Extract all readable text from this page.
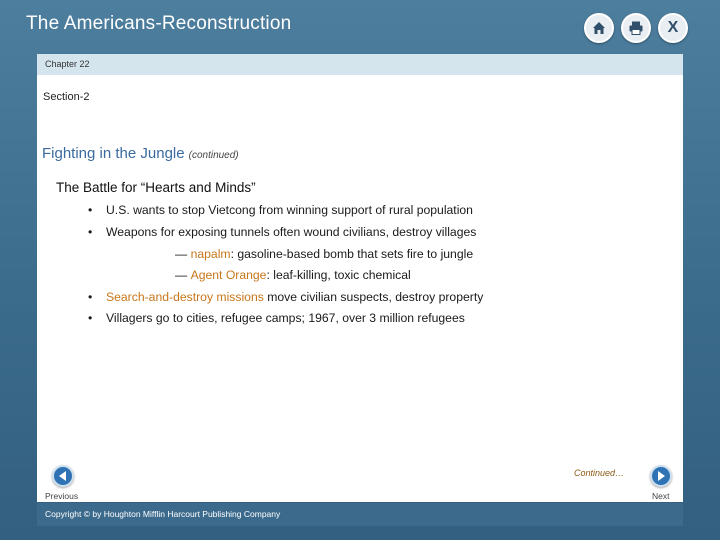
The Americans-Reconstruction	X
Chapter 22
Section-2
Fighting in the Jungle (continued)
The Battle for “Hearts and Minds”
• U.S. wants to stop Vietcong from winning support of rural population
• Weapons for exposing tunnels often wound civilians, destroy villages
— napalm: gasoline-based bomb that sets fire to jungle
— Agent Orange: leaf-killing, toxic chemical
• Search-and-destroy missions move civilian suspects, destroy property
• Villagers go to cities, refugee camps; 1967, over 3 million refugees
Previous
Continued…
Next
Copyright © by Houghton Mifflin Harcourt Publishing Company
